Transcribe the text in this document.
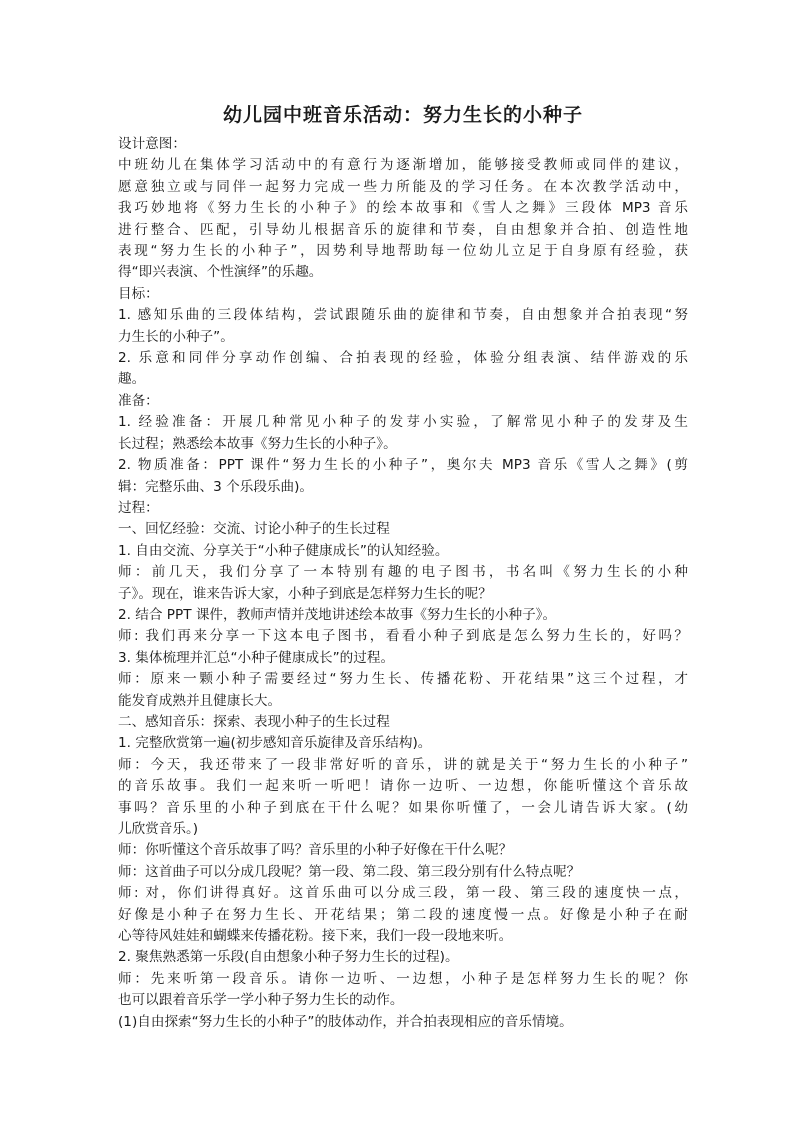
幼儿园中班音乐活动：努力生长的小种子
设计意图：
中班幼儿在集体学习活动中的有意行为逐渐增加，能够接受教师或同伴的建议，
愿意独立或与同伴一起努力完成一些力所能及的学习任务。在本次教学活动中，
我巧妙地将《努力生长的小种子》的绘本故事和《雪人之舞》三段体 MP3 音乐
进行整合、匹配，引导幼儿根据音乐的旋律和节奏，自由想象并合拍、创造性地
表现“努力生长的小种子”，因势利导地帮助每一位幼儿立足于自身原有经验，获
得“即兴表演、个性演绎”的乐趣。
目标：
1. 感知乐曲的三段体结构，尝试跟随乐曲的旋律和节奏，自由想象并合拍表现“努
力生长的小种子”。
2. 乐意和同伴分享动作创编、合拍表现的经验，体验分组表演、结伴游戏的乐
趣。
准备：
1. 经验准备：开展几种常见小种子的发芽小实验，了解常见小种子的发芽及生
长过程；熟悉绘本故事《努力生长的小种子》。
2. 物质准备：PPT 课件“努力生长的小种子”，奥尔夫 MP3 音乐《雪人之舞》(剪
辑：完整乐曲、3 个乐段乐曲)。
过程：
一、回忆经验：交流、讨论小种子的生长过程
1. 自由交流、分享关于“小种子健康成长”的认知经验。
师：前几天，我们分享了一本特别有趣的电子图书，书名叫《努力生长的小种
子》。现在，谁来告诉大家，小种子到底是怎样努力生长的呢？
2. 结合 PPT 课件，教师声情并茂地讲述绘本故事《努力生长的小种子》。
师: 我们再来分享一下这本电子图书，看看小种子到底是怎么努力生长的，好吗？
3. 集体梳理并汇总“小种子健康成长”的过程。
师：原来一颗小种子需要经过“努力生长、传播花粉、开花结果”这三个过程，才
能发育成熟并且健康长大。
二、感知音乐：探索、表现小种子的生长过程
1. 完整欣赏第一遍(初步感知音乐旋律及音乐结构)。
师：今天，我还带来了一段非常好听的音乐，讲的就是关于“努力生长的小种子”
的音乐故事。我们一起来听一听吧！请你一边听、一边想，你能听懂这个音乐故
事吗？音乐里的小种子到底在干什么呢？如果你听懂了，一会儿请告诉大家。(幼
儿欣赏音乐。)
师：你听懂这个音乐故事了吗？音乐里的小种子好像在干什么呢？
师：这首曲子可以分成几段呢？第一段、第二段、第三段分别有什么特点呢？
师: 对，你们讲得真好。这首乐曲可以分成三段，第一段、第三段的速度快一点，
好像是小种子在努力生长、开花结果；第二段的速度慢一点。好像是小种子在耐
心等待风娃娃和蝴蝶来传播花粉。接下来，我们一段一段地来听。
2. 聚焦熟悉第一乐段(自由想象小种子努力生长的过程)。
师：先来听第一段音乐。请你一边听、一边想，小种子是怎样努力生长的呢？你
也可以跟着音乐学一学小种子努力生长的动作。
(1)自由探索“努力生长的小种子”的肢体动作，并合拍表现相应的音乐情境。
